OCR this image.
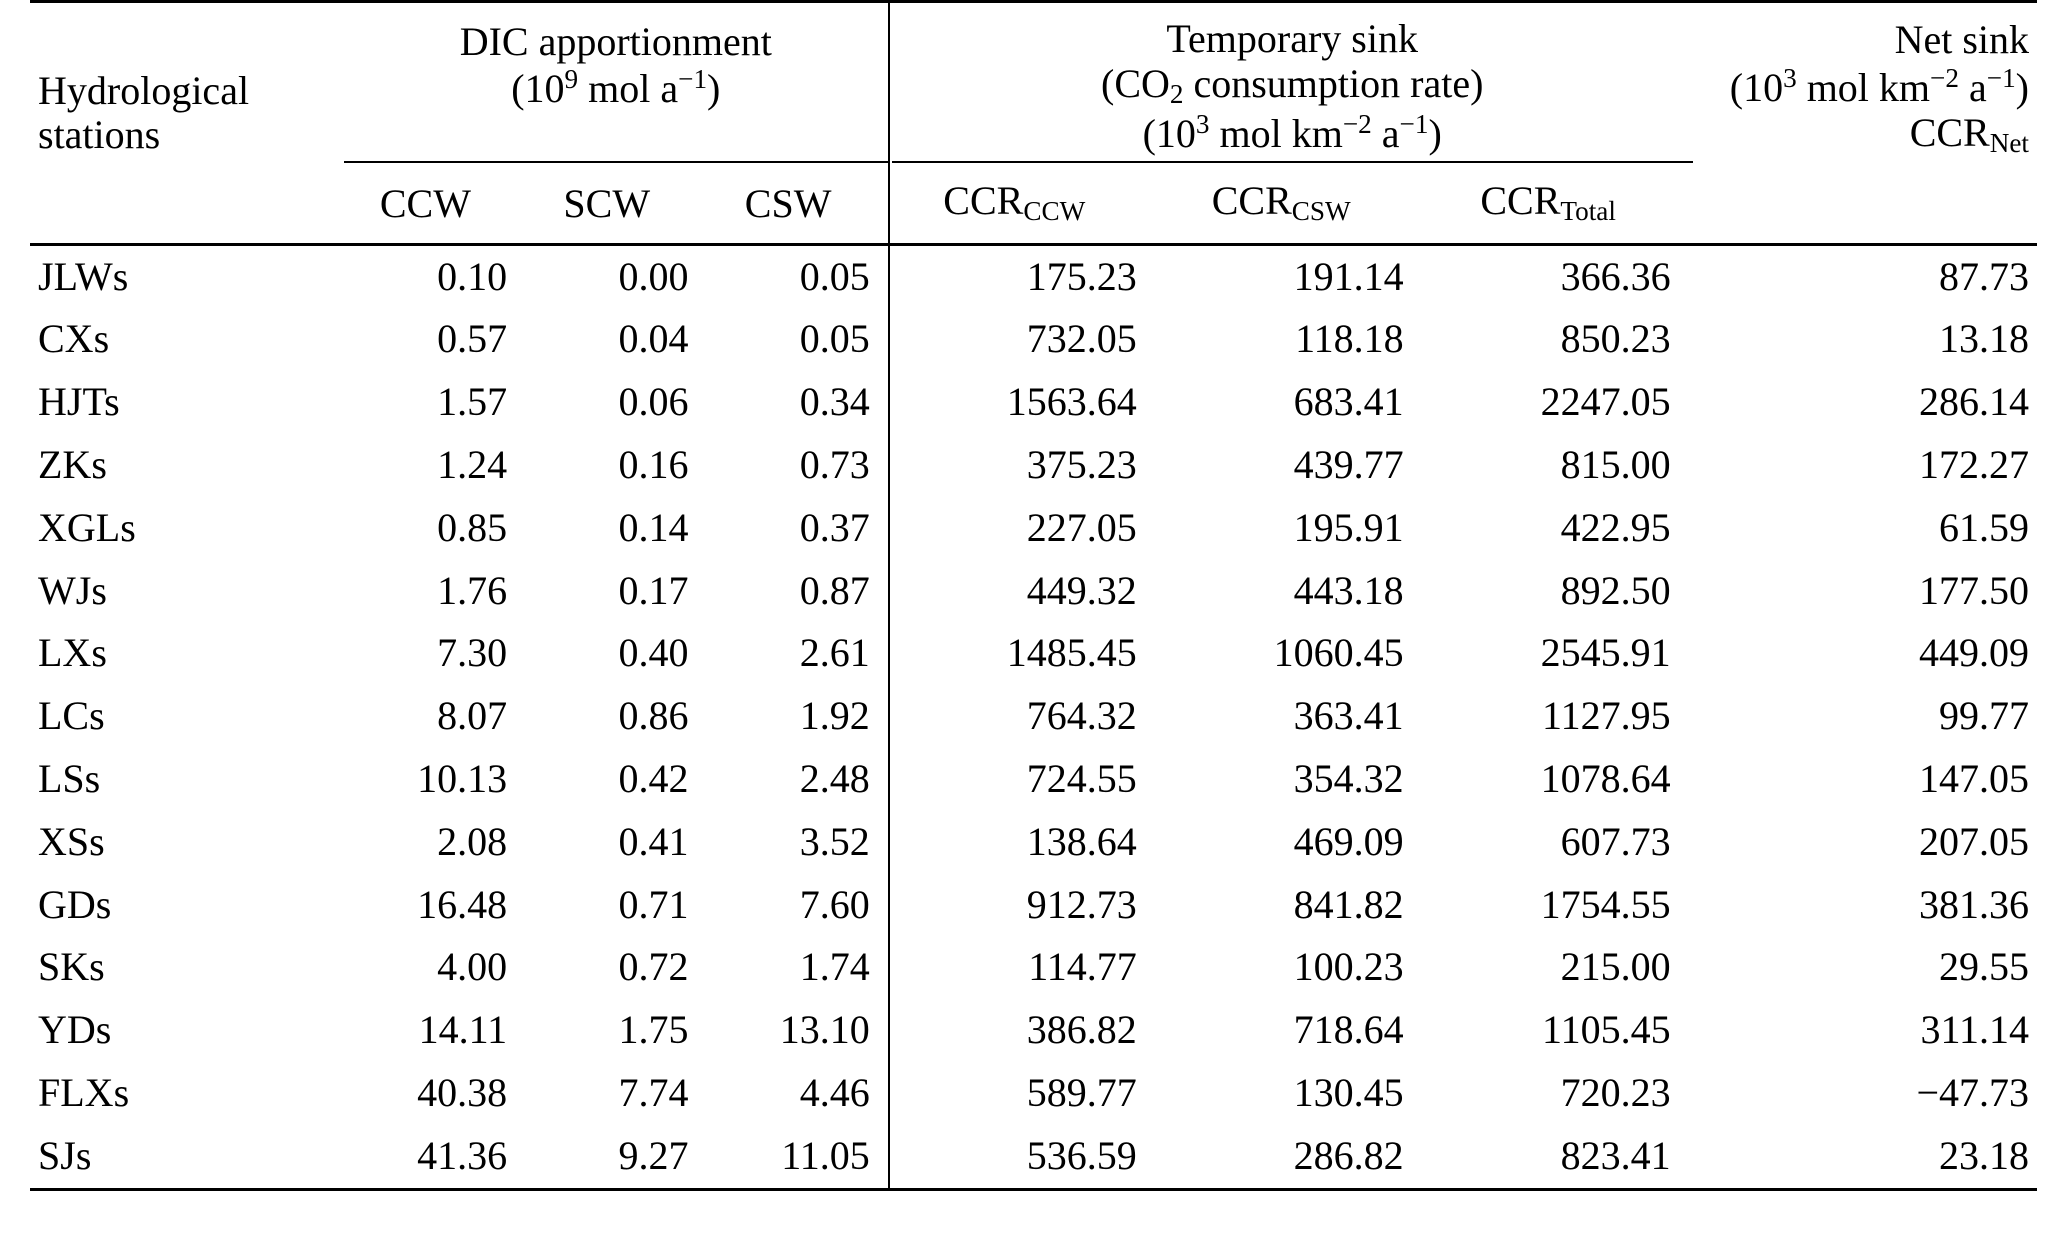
Hydrological
stations	DIC apportionment
($10^9$ mol $a^{-1}$)				Temporary sink
($CO_2$ consumption rate)
($10^3$ mol $km^{-2}$ $a^{-1}$)			Net sink
($10^3$ mol $km^{-2}$ $a^{-1}$)
$CCR_{Net}$

	CCW	SCW	CSW		$CCR_{CCW}$	$CCR_{CSW}$	$CCR_{Total}$	
JLWs	0.10	0.00	0.05		175.23	191.14	366.36	87.73
CXs	0.57	0.04	0.05		732.05	118.18	850.23	13.18
HJTs	1.57	0.06	0.34		1563.64	683.41	2247.05	286.14
ZKs	1.24	0.16	0.73		375.23	439.77	815.00	172.27
XGLs	0.85	0.14	0.37		227.05	195.91	422.95	61.59
WJs	1.76	0.17	0.87		449.32	443.18	892.50	177.50
LXs	7.30	0.40	2.61		1485.45	1060.45	2545.91	449.09
LCs	8.07	0.86	1.92		764.32	363.41	1127.95	99.77
LSs	10.13	0.42	2.48		724.55	354.32	1078.64	147.05
XSs	2.08	0.41	3.52		138.64	469.09	607.73	207.05
GDs	16.48	0.71	7.60		912.73	841.82	1754.55	381.36
SKs	4.00	0.72	1.74		114.77	100.23	215.00	29.55
YDs	14.11	1.75	13.10		386.82	718.64	1105.45	311.14
FLXs	40.38	7.74	4.46		589.77	130.45	720.23	−47.73
SJs	41.36	9.27	11.05		536.59	286.82	823.41	23.18
